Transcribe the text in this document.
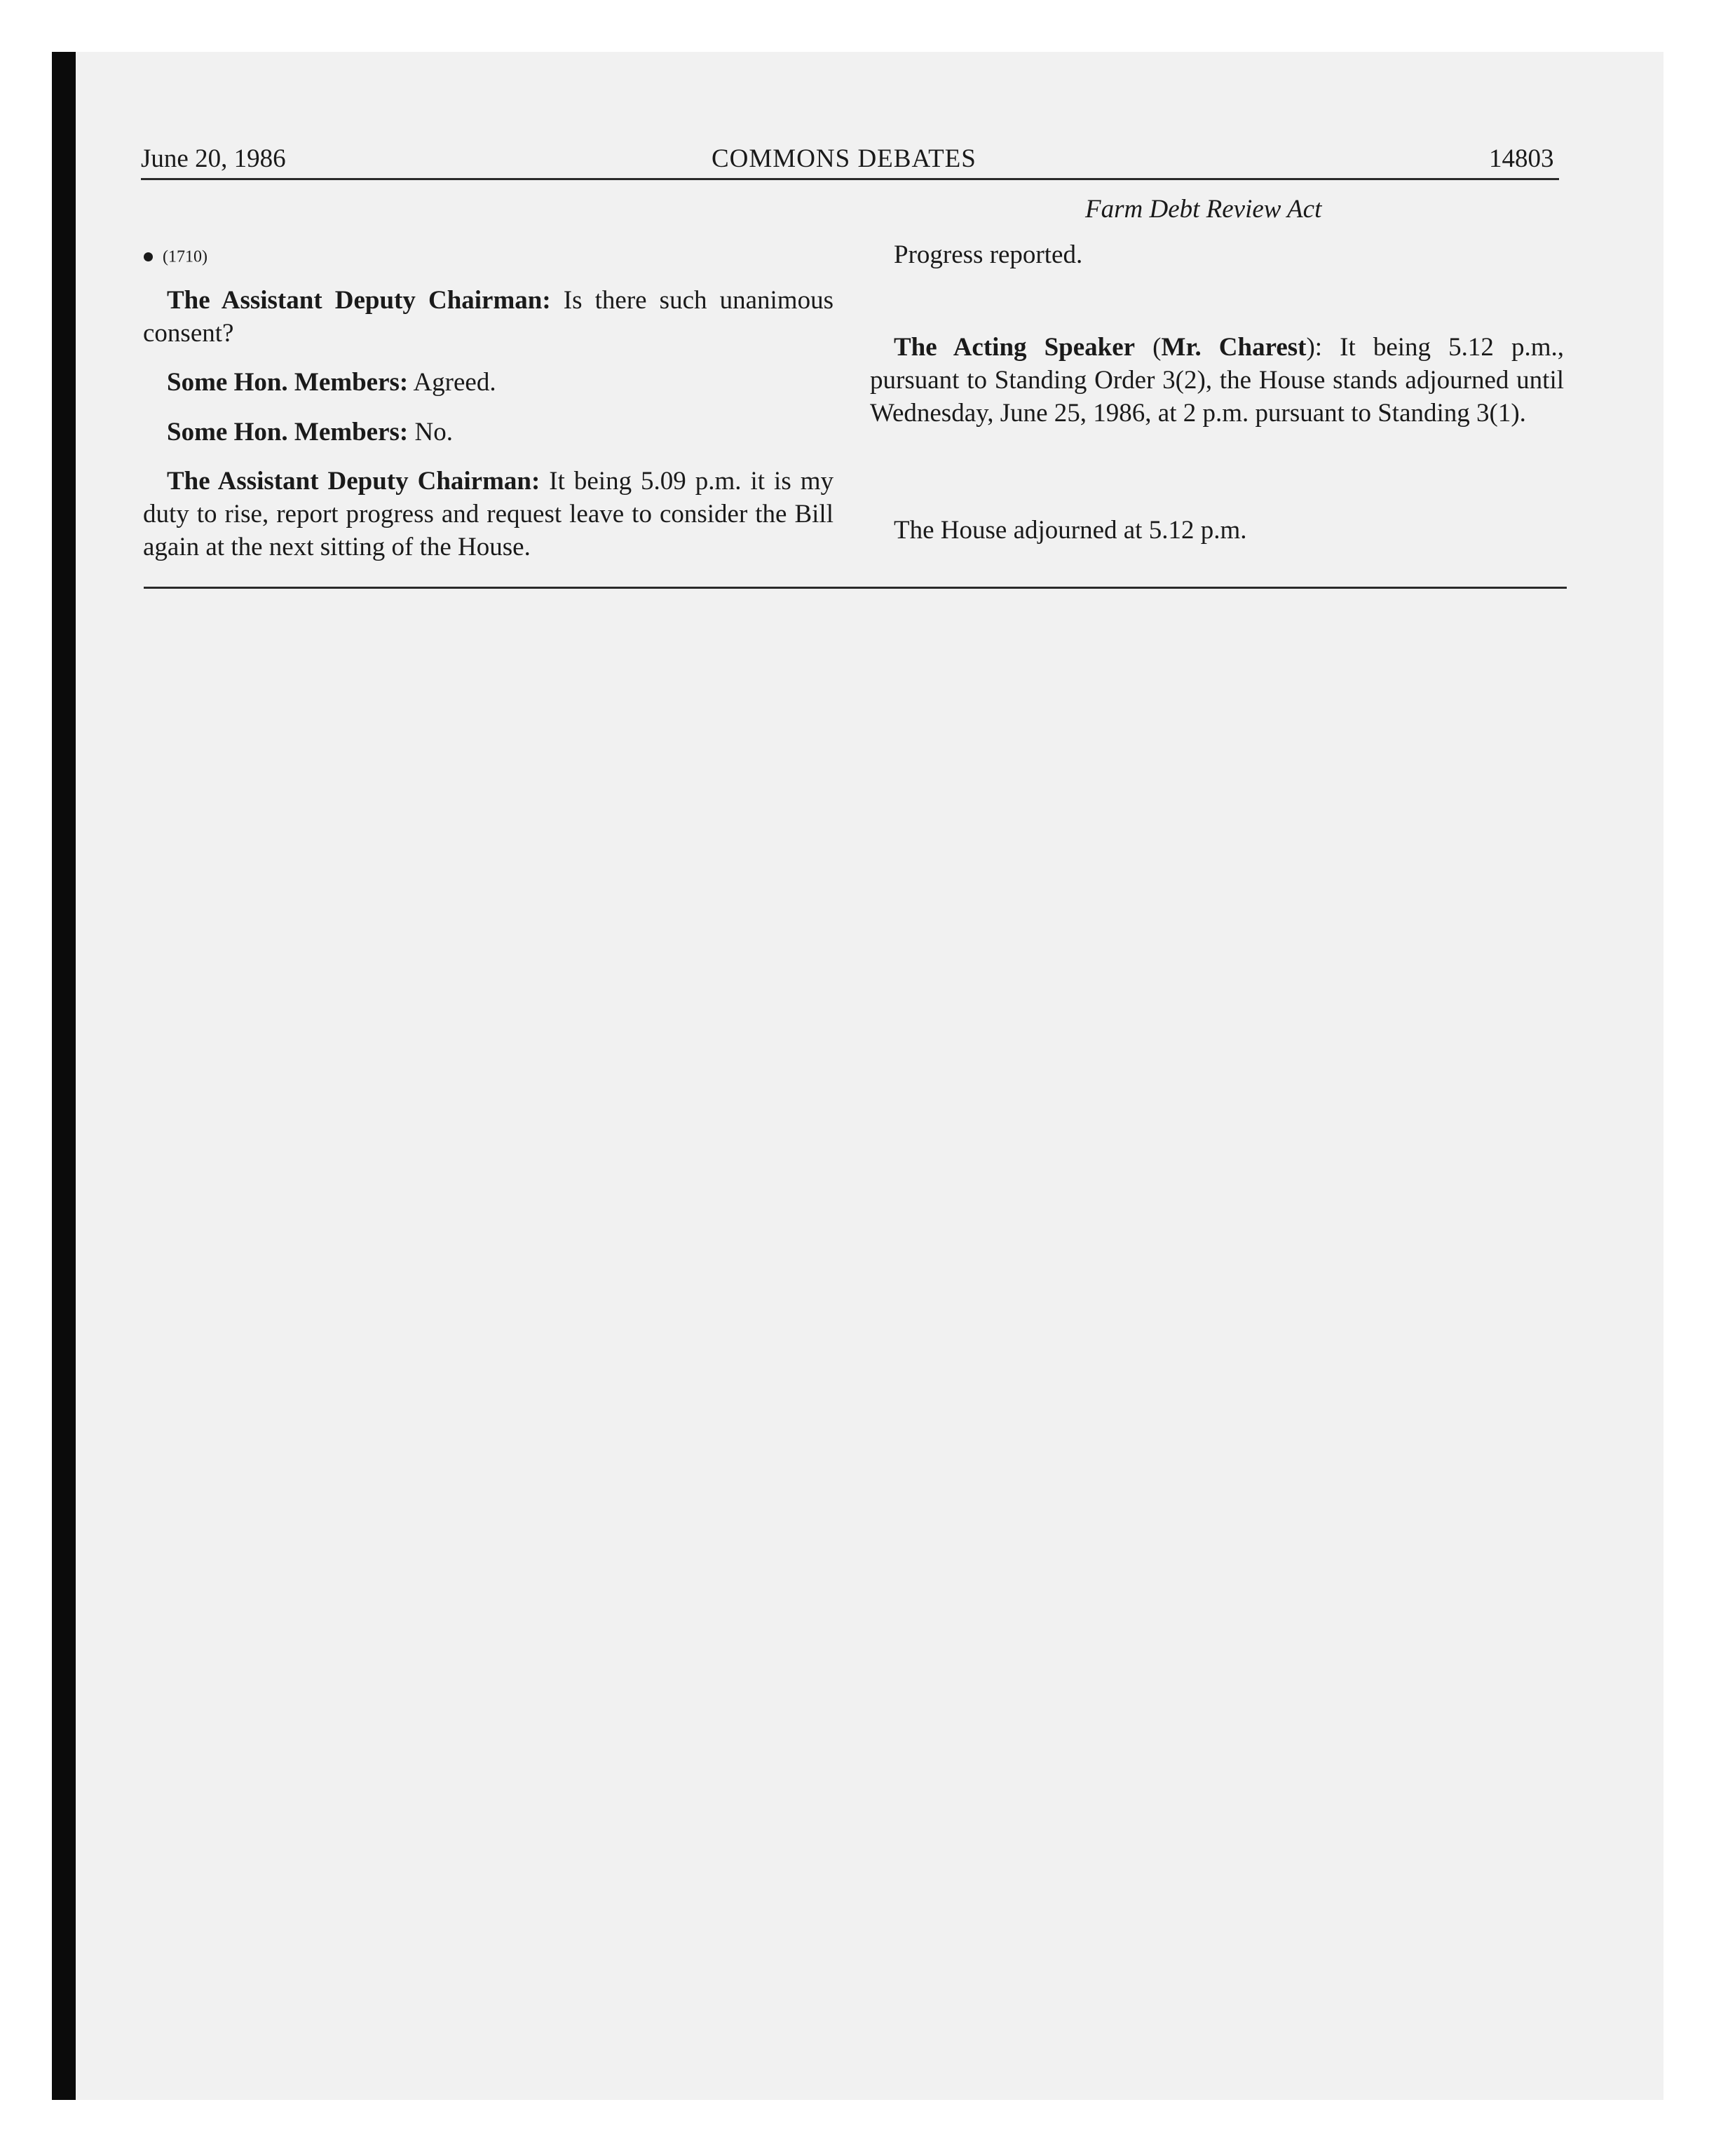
June 20, 1986	COMMONS DEBATES	14803
Farm Debt Review Act
(1710)

The Assistant Deputy Chairman: Is there such unanimous consent?

Some Hon. Members: Agreed.

Some Hon. Members: No.

The Assistant Deputy Chairman: It being 5.09 p.m. it is my duty to rise, report progress and request leave to consider the Bill again at the next sitting of the House.

Progress reported.

The Acting Speaker (Mr. Charest): It being 5.12 p.m., pursuant to Standing Order 3(2), the House stands adjourned until Wednesday, June 25, 1986, at 2 p.m. pursuant to Standing 3(1).

The House adjourned at 5.12 p.m.
